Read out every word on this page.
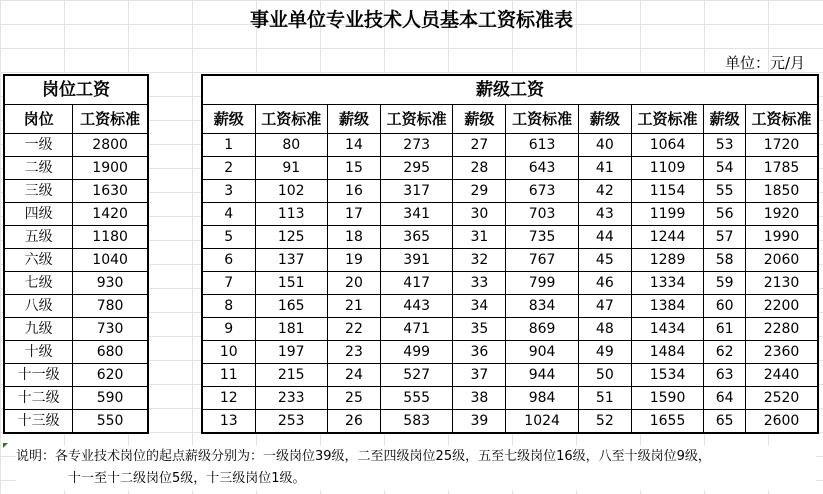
事业单位专业技术人员基本工资标准表
单位：元/月
岗位工资	
岗位	工资标准
一级	2800
二级	1900
三级	1630
四级	1420
五级	1180
六级	1040
七级	930
八级	780
九级	730
十级	680
十一级	620
十二级	590
十三级	550
薪级工资									
薪级	工资标准	薪级	工资标准	薪级	工资标准	薪级	工资标准	薪级	工资标准
1	80	14	273	27	613	40	1064	53	1720
2	91	15	295	28	643	41	1109	54	1785
3	102	16	317	29	673	42	1154	55	1850
4	113	17	341	30	703	43	1199	56	1920
5	125	18	365	31	735	44	1244	57	1990
6	137	19	391	32	767	45	1289	58	2060
7	151	20	417	33	799	46	1334	59	2130
8	165	21	443	34	834	47	1384	60	2200
9	181	22	471	35	869	48	1434	61	2280
10	197	23	499	36	904	49	1484	62	2360
11	215	24	527	37	944	50	1534	63	2440
12	233	25	555	38	984	51	1590	64	2520
13	253	26	583	39	1024	52	1655	65	2600
说明：各专业技术岗位的起点薪级分别为：一级岗位39级，二至四级岗位25级，五至七级岗位16级，八至十级岗位9级，
十一至十二级岗位5级，十三级岗位1级。
